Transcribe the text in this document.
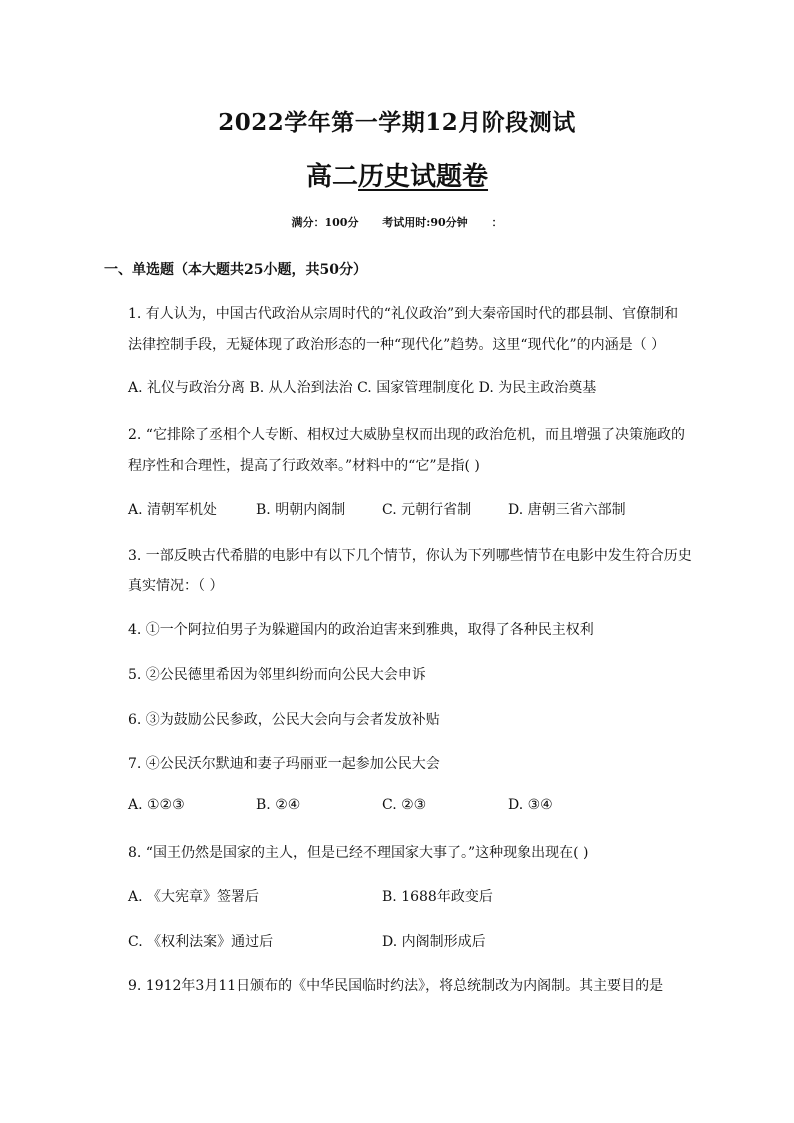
2022学年第一学期12月阶段测试
高二历史试题卷
满分：100分 考试用时:90分钟 ：
一、单选题（本大题共25小题，共50分）
1. 有人认为，中国古代政治从宗周时代的“礼仪政治”到大秦帝国时代的郡县制、官僚制和
法律控制手段，无疑体现了政治形态的一种“现代化”趋势。这里“现代化”的内涵是（ ）
A. 礼仪与政治分离 B. 从人治到法治 C. 国家管理制度化 D. 为民主政治奠基
2. “它排除了丞相个人专断、相权过大威胁皇权而出现的政治危机，而且增强了决策施政的
程序性和合理性，提高了行政效率。”材料中的“它”是指( )
A. 清朝军机处	B. 明朝内阁制	C. 元朝行省制	D. 唐朝三省六部制
3. 一部反映古代希腊的电影中有以下几个情节，你认为下列哪些情节在电影中发生符合历史
真实情况：（ ）
4. ①一个阿拉伯男子为躲避国内的政治迫害来到雅典，取得了各种民主权利
5. ②公民德里希因为邻里纠纷而向公民大会申诉
6. ③为鼓励公民参政，公民大会向与会者发放补贴
7. ④公民沃尔默迪和妻子玛丽亚一起参加公民大会
A. ①②③	B. ②④	C. ②③	D. ③④
8. “国王仍然是国家的主人，但是已经不理国家大事了。”这种现象出现在( )
A. 《大宪章》签署后	B. 1688年政变后
C. 《权利法案》通过后	D. 内阁制形成后
9. 1912年3月11日颁布的《中华民国临时约法》，将总统制改为内阁制。其主要目的是
